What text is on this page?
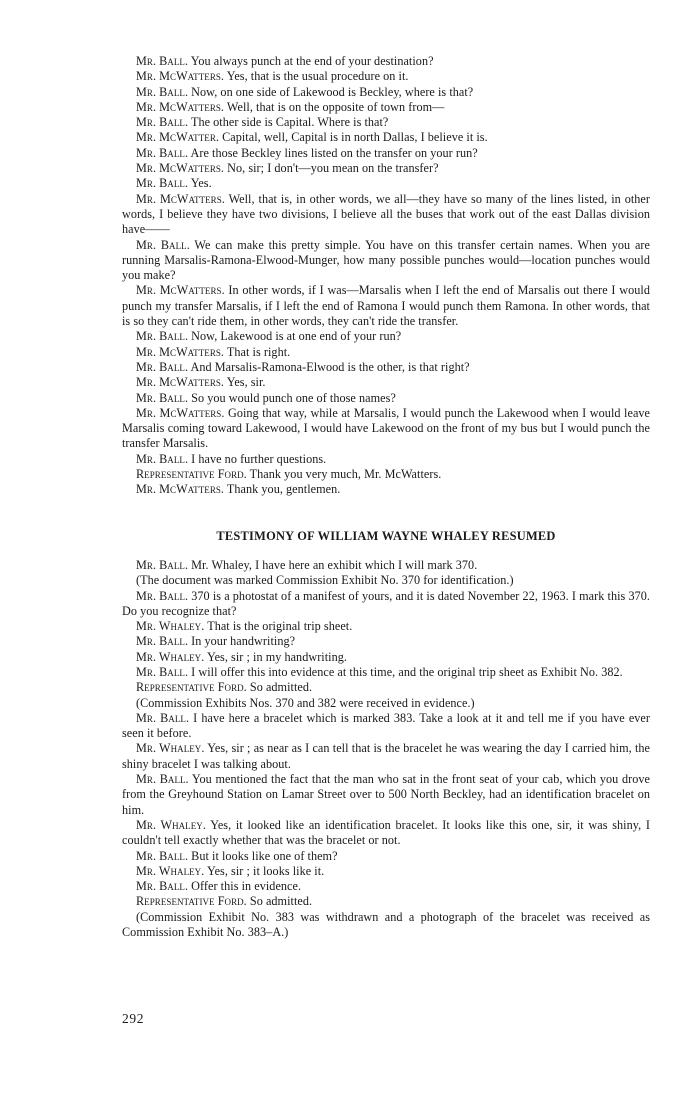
Mr. Ball. You always punch at the end of your destination?

Mr. McWatters. Yes, that is the usual procedure on it.

Mr. Ball. Now, on one side of Lakewood is Beckley, where is that?

Mr. McWatters. Well, that is on the opposite of town from—

Mr. Ball. The other side is Capital. Where is that?

Mr. McWatter. Capital, well, Capital is in north Dallas, I believe it is.

Mr. Ball. Are those Beckley lines listed on the transfer on your run?

Mr. McWatters. No, sir; I don't—you mean on the transfer?

Mr. Ball. Yes.

Mr. McWatters. Well, that is, in other words, we all—they have so many of the lines listed, in other words, I believe they have two divisions, I believe all the buses that work out of the east Dallas division have——

Mr. Ball. We can make this pretty simple. You have on this transfer certain names. When you are running Marsalis-Ramona-Elwood-Munger, how many possible punches would—location punches would you make?

Mr. McWatters. In other words, if I was—Marsalis when I left the end of Marsalis out there I would punch my transfer Marsalis, if I left the end of Ramona I would punch them Ramona. In other words, that is so they can't ride them, in other words, they can't ride the transfer.

Mr. Ball. Now, Lakewood is at one end of your run?

Mr. McWatters. That is right.

Mr. Ball. And Marsalis-Ramona-Elwood is the other, is that right?

Mr. McWatters. Yes, sir.

Mr. Ball. So you would punch one of those names?

Mr. McWatters. Going that way, while at Marsalis, I would punch the Lakewood when I would leave Marsalis coming toward Lakewood, I would have Lakewood on the front of my bus but I would punch the transfer Marsalis.

Mr. Ball. I have no further questions.

Representative Ford. Thank you very much, Mr. McWatters.

Mr. McWatters. Thank you, gentlemen.

TESTIMONY OF WILLIAM WAYNE WHALEY RESUMED

Mr. Ball. Mr. Whaley, I have here an exhibit which I will mark 370.

(The document was marked Commission Exhibit No. 370 for identification.)

Mr. Ball. 370 is a photostat of a manifest of yours, and it is dated November 22, 1963. I mark this 370. Do you recognize that?

Mr. Whaley. That is the original trip sheet.

Mr. Ball. In your handwriting?

Mr. Whaley. Yes, sir ; in my handwriting.

Mr. Ball. I will offer this into evidence at this time, and the original trip sheet as Exhibit No. 382.

Representative Ford. So admitted.

(Commission Exhibits Nos. 370 and 382 were received in evidence.)

Mr. Ball. I have here a bracelet which is marked 383. Take a look at it and tell me if you have ever seen it before.

Mr. Whaley. Yes, sir ; as near as I can tell that is the bracelet he was wearing the day I carried him, the shiny bracelet I was talking about.

Mr. Ball. You mentioned the fact that the man who sat in the front seat of your cab, which you drove from the Greyhound Station on Lamar Street over to 500 North Beckley, had an identification bracelet on him.

Mr. Whaley. Yes, it looked like an identification bracelet. It looks like this one, sir, it was shiny, I couldn't tell exactly whether that was the bracelet or not.

Mr. Ball. But it looks like one of them?

Mr. Whaley. Yes, sir ; it looks like it.

Mr. Ball. Offer this in evidence.

Representative Ford. So admitted.

(Commission Exhibit No. 383 was withdrawn and a photograph of the bracelet was received as Commission Exhibit No. 383–A.)

292
